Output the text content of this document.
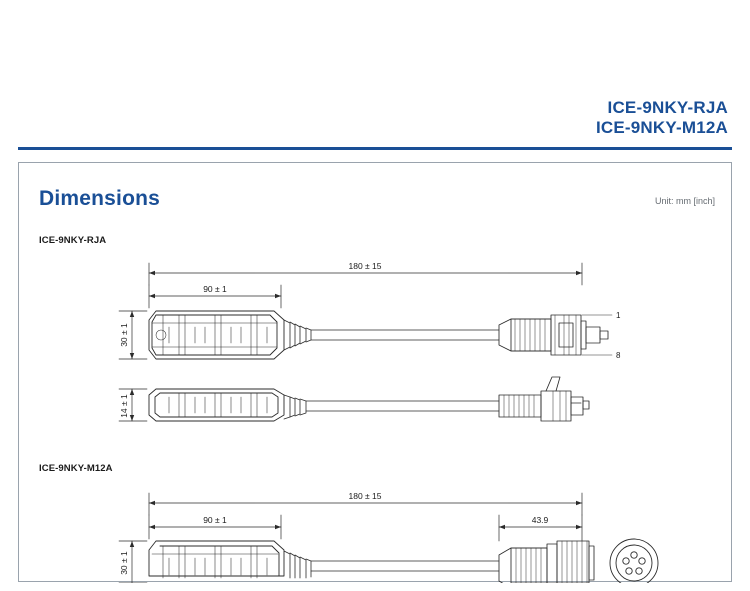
ICE-9NKY-RJA
ICE-9NKY-M12A
Dimensions	Unit: mm [inch]
ICE-9NKY-RJA
ICE-9NKY-M12A
180 ± 15
90 ± 1
30 ± 1
1
8
14 ± 1
180 ± 15
90 ± 1	43.9
30 ± 1
